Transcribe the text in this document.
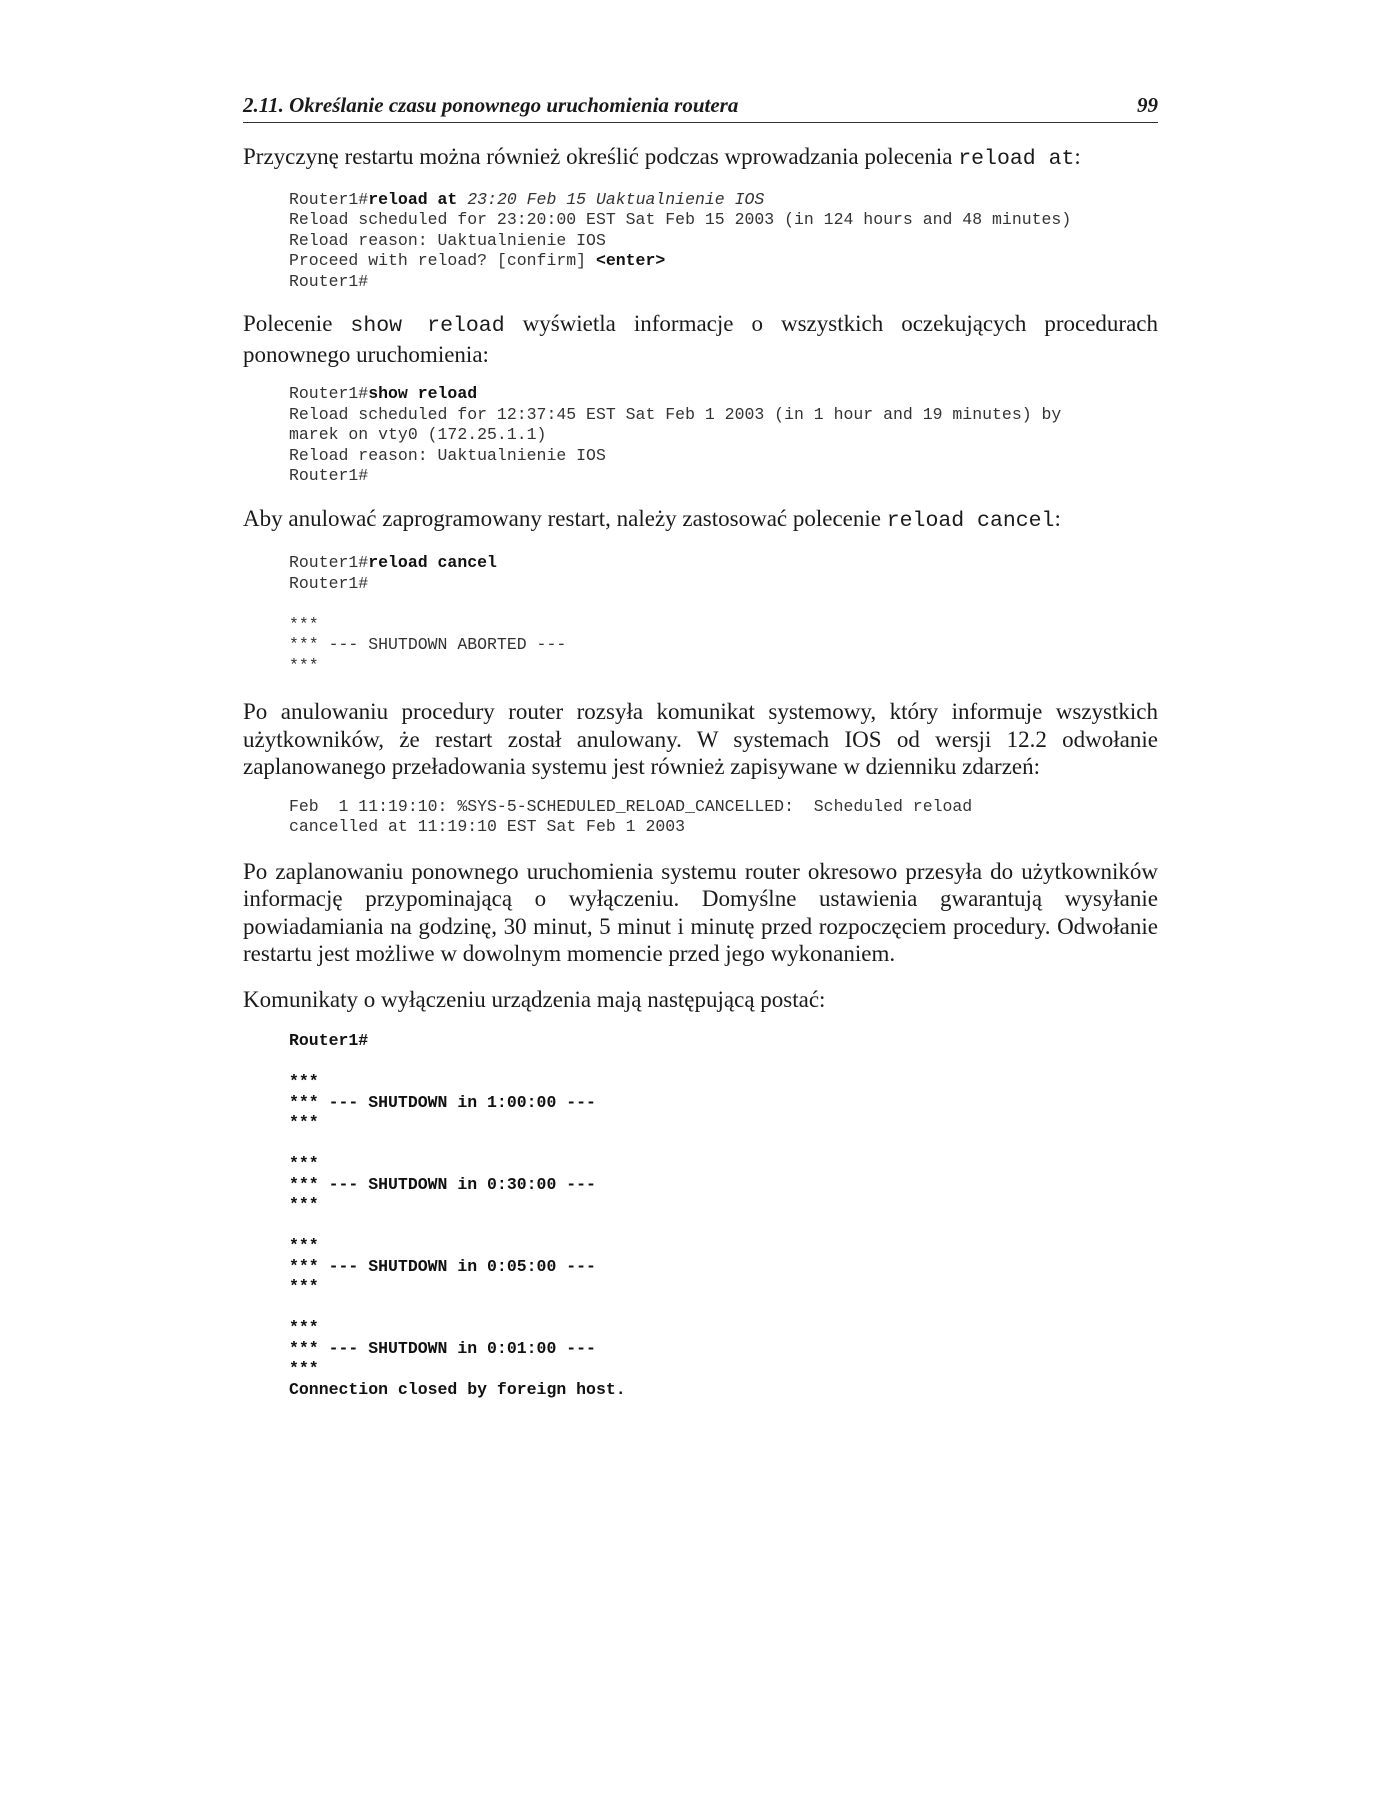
2.11. Określanie czasu ponownego uruchomienia routera	99

Przyczynę restartu można również określić podczas wprowadzania polecenia reload at:

Router1#reload at 23:20 Feb 15 Uaktualnienie IOS
Reload scheduled for 23:20:00 EST Sat Feb 15 2003 (in 124 hours and 48 minutes)
Reload reason: Uaktualnienie IOS
Proceed with reload? [confirm] <enter>
Router1#

Polecenie show reload wyświetla informacje o wszystkich oczekujących procedurach ponownego uruchomienia:

Router1#show reload
Reload scheduled for 12:37:45 EST Sat Feb 1 2003 (in 1 hour and 19 minutes) by
marek on vty0 (172.25.1.1)
Reload reason: Uaktualnienie IOS
Router1#

Aby anulować zaprogramowany restart, należy zastosować polecenie reload cancel:

Router1#reload cancel
Router1#

***
*** --- SHUTDOWN ABORTED ---
***

Po anulowaniu procedury router rozsyła komunikat systemowy, który informuje wszystkich użytkowników, że restart został anulowany. W systemach IOS od wersji 12.2 odwołanie zaplanowanego przeładowania systemu jest również zapisywane w dzienniku zdarzeń:

Feb  1 11:19:10: %SYS-5-SCHEDULED_RELOAD_CANCELLED:  Scheduled reload
cancelled at 11:19:10 EST Sat Feb 1 2003

Po zaplanowaniu ponownego uruchomienia systemu router okresowo przesyła do użytkowników informację przypominającą o wyłączeniu. Domyślne ustawienia gwarantują wysyłanie powiadamiania na godzinę, 30 minut, 5 minut i minutę przed rozpoczęciem procedury. Odwołanie restartu jest możliwe w dowolnym momencie przed jego wykonaniem.

Komunikaty o wyłączeniu urządzenia mają następującą postać:

Router1#

***
*** --- SHUTDOWN in 1:00:00 ---
***

***
*** --- SHUTDOWN in 0:30:00 ---
***

***
*** --- SHUTDOWN in 0:05:00 ---
***

***
*** --- SHUTDOWN in 0:01:00 ---
***
Connection closed by foreign host.
